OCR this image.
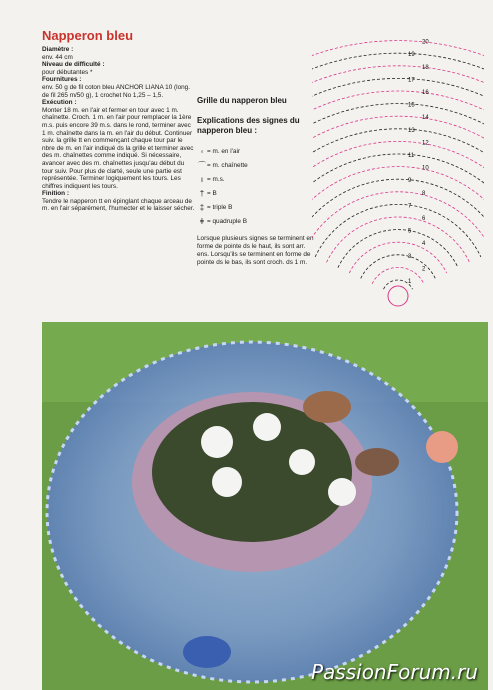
Napperon bleu
Diamètre :
env. 44 cm
Niveau de difficulté :
pour débutantes *
Fournitures :
env. 50 g de fil coton bleu ANCHOR LIANA 10 (long. de fil 265 m/50 g), 1 crochet No 1,25 – 1,5.
Exécution :
Monter 18 m. en l'air et fermer en tour avec 1 m. chaînette. Croch. 1 m. en l'air pour remplacer la 1ère m.s. puis encore 39 m.s. dans le rond, terminer avec 1 m. chaînette dans la m. en l'air du début. Continuer suiv. la grille tt en commençant chaque tour par le nbre de m. en l'air indiqué ds la grille et terminer avec des m. chaînettes comme indiqué. Si nécessaire, avancer avec des m. chaînettes jusqu'au début du tour suiv. Pour plus de clarté, seule une partie est représentée. Terminer logiquement les tours. Les chiffres indiquent les tours.
Finition :
Tendre le napperon tt en épinglant chaque arceau de m. en l'air séparément, l'humecter et le laisser sécher.
Grille du napperon bleu
Explications des signes du napperon bleu :
◦ = m. en l'air
⌒ = m. chaînette
ı = m.s.
† = B
‡ = triple B
ǂ = quadruple B
Lorsque plusieurs signes se terminent en forme de pointe ds le haut, ils sont arr. ens. Lorsqu'ils se terminent en forme de pointe ds le bas, ils sont croch. ds 1 m.
1
2
3
4
5
6
7
8
9
10
11
12
13
14
15
16
17
18
19
20
PassionForum.ru
